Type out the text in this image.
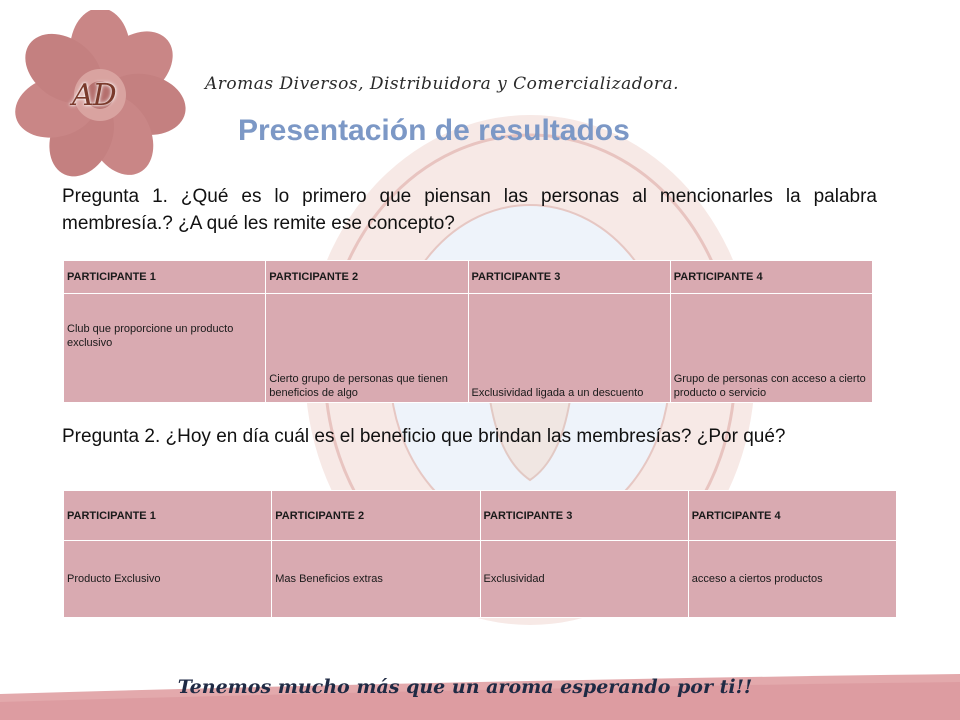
AD	Aromas Diversos, Distribuidora y Comercializadora.
Presentación de resultados
Pregunta 1. ¿Qué es lo primero que piensan las personas al mencionarles la palabra membresía.? ¿A qué les remite ese concepto?
PARTICIPANTE 1	PARTICIPANTE 2	PARTICIPANTE 3	PARTICIPANTE 4
Club que proporcione un producto exclusivo	Cierto grupo de personas que tienen beneficios de algo	Exclusividad ligada a un descuento	Grupo de personas con acceso a cierto producto o servicio
Pregunta 2. ¿Hoy en día cuál es el beneficio que brindan las membresías? ¿Por qué?
PARTICIPANTE 1	PARTICIPANTE 2	PARTICIPANTE 3	PARTICIPANTE 4
Producto Exclusivo	Mas Beneficios extras	Exclusividad	acceso a ciertos productos
Tenemos mucho más que un aroma esperando por ti!!
